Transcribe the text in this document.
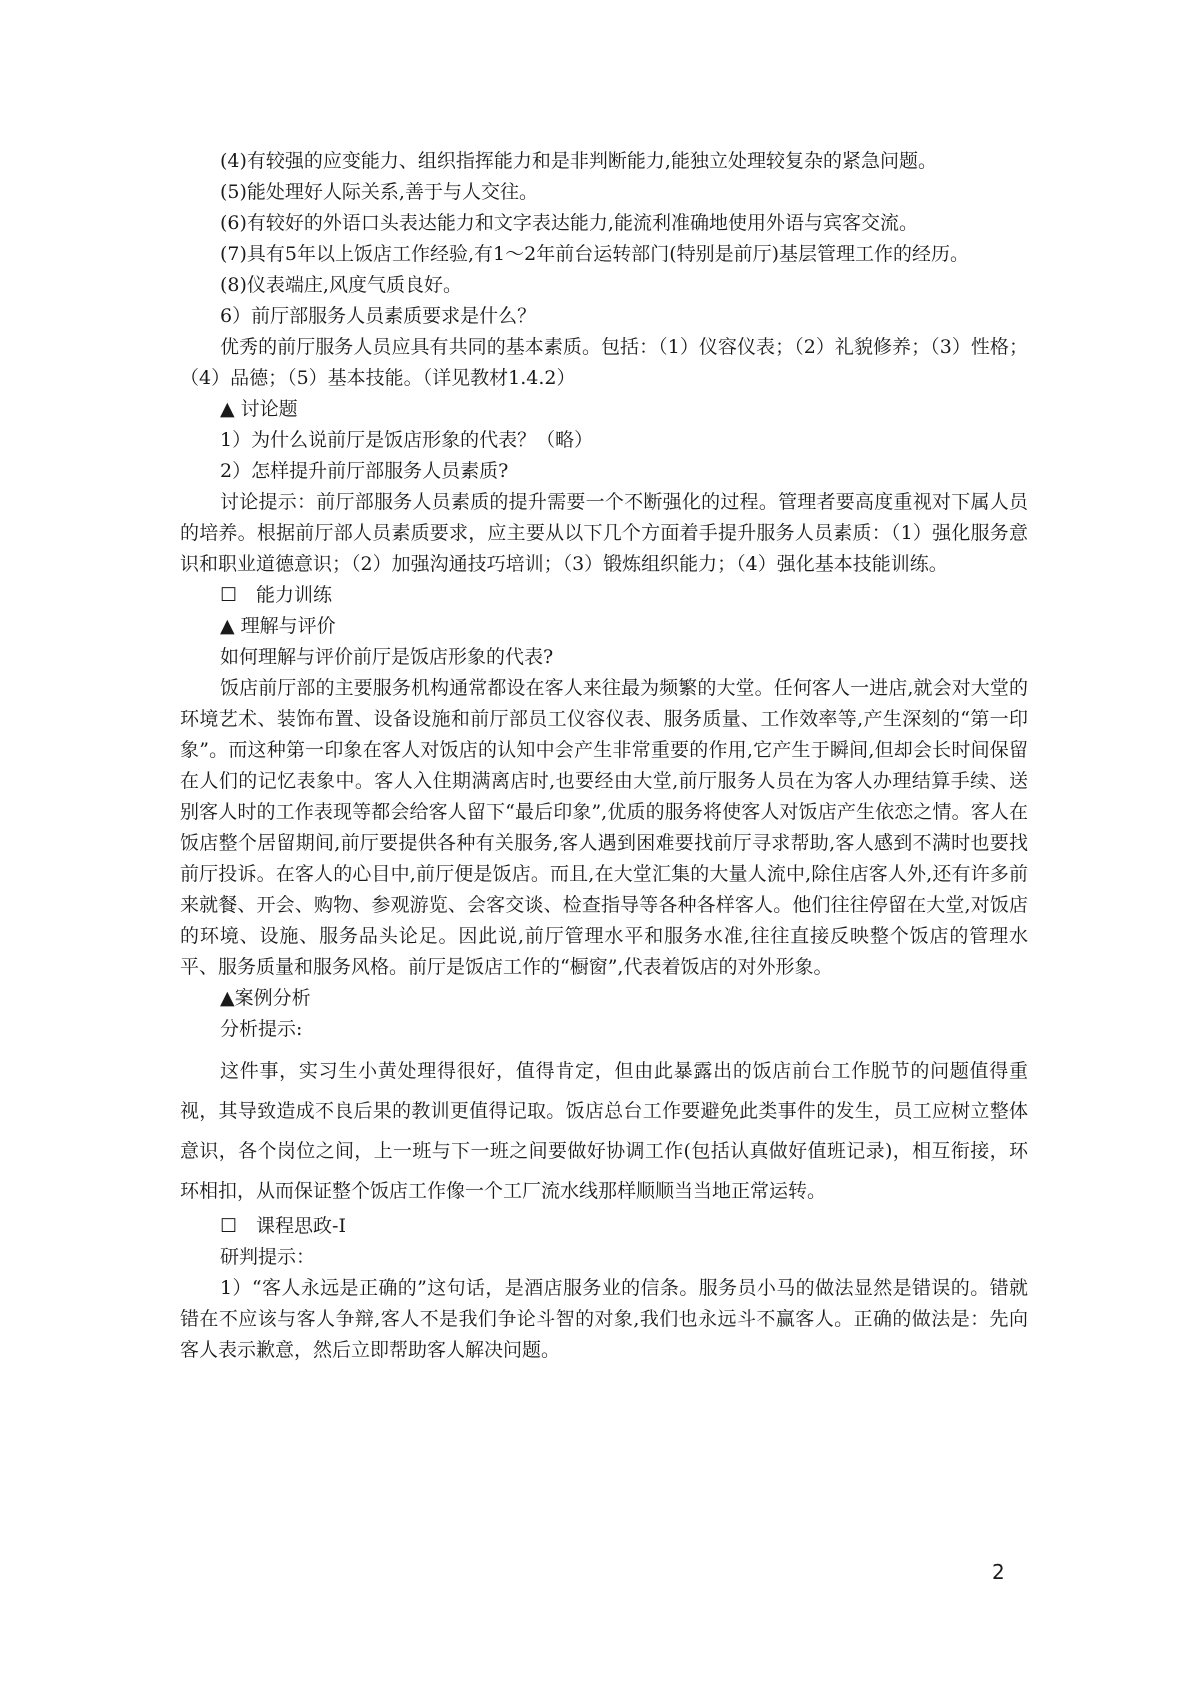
(4)有较强的应变能力、组织指挥能力和是非判断能力,能独立处理较复杂的紧急问题。

(5)能处理好人际关系,善于与人交往。

(6)有较好的外语口头表达能力和文字表达能力,能流利准确地使用外语与宾客交流。

(7)具有5年以上饭店工作经验,有1～2年前台运转部门(特别是前厅)基层管理工作的经历。

(8)仪表端庄,风度气质良好。

6）前厅部服务人员素质要求是什么？

优秀的前厅服务人员应具有共同的基本素质。包括：（1）仪容仪表；（2）礼貌修养；（3）性格；（4）品德；（5）基本技能。（详见教材1.4.2）

▲ 讨论题

1）为什么说前厅是饭店形象的代表？（略）

2）怎样提升前厅部服务人员素质?

讨论提示：前厅部服务人员素质的提升需要一个不断强化的过程。管理者要高度重视对下属人员的培养。根据前厅部人员素质要求，应主要从以下几个方面着手提升服务人员素质：（1）强化服务意识和职业道德意识；（2）加强沟通技巧培训；（3）锻炼组织能力；（4）强化基本技能训练。

☐　能力训练

▲ 理解与评价

如何理解与评价前厅是饭店形象的代表?

饭店前厅部的主要服务机构通常都设在客人来往最为频繁的大堂。任何客人一进店,就会对大堂的环境艺术、装饰布置、设备设施和前厅部员工仪容仪表、服务质量、工作效率等,产生深刻的“第一印象”。而这种第一印象在客人对饭店的认知中会产生非常重要的作用,它产生于瞬间,但却会长时间保留在人们的记忆表象中。客人入住期满离店时,也要经由大堂,前厅服务人员在为客人办理结算手续、送别客人时的工作表现等都会给客人留下“最后印象”,优质的服务将使客人对饭店产生依恋之情。客人在饭店整个居留期间,前厅要提供各种有关服务,客人遇到困难要找前厅寻求帮助,客人感到不满时也要找前厅投诉。在客人的心目中,前厅便是饭店。而且,在大堂汇集的大量人流中,除住店客人外,还有许多前来就餐、开会、购物、参观游览、会客交谈、检查指导等各种各样客人。他们往往停留在大堂,对饭店的环境、设施、服务品头论足。因此说,前厅管理水平和服务水准,往往直接反映整个饭店的管理水平、服务质量和服务风格。前厅是饭店工作的“橱窗”,代表着饭店的对外形象。

▲案例分析

分析提示:

这件事，实习生小黄处理得很好，值得肯定，但由此暴露出的饭店前台工作脱节的问题值得重视，其导致造成不良后果的教训更值得记取。饭店总台工作要避免此类事件的发生，员工应树立整体意识，各个岗位之间，上一班与下一班之间要做好协调工作(包括认真做好值班记录)，相互衔接，环环相扣，从而保证整个饭店工作像一个工厂流水线那样顺顺当当地正常运转。

☐　课程思政-I

研判提示：

1）“客人永远是正确的”这句话，是酒店服务业的信条。服务员小马的做法显然是错误的。错就错在不应该与客人争辩,客人不是我们争论斗智的对象,我们也永远斗不赢客人。正确的做法是：先向客人表示歉意，然后立即帮助客人解决问题。

2
